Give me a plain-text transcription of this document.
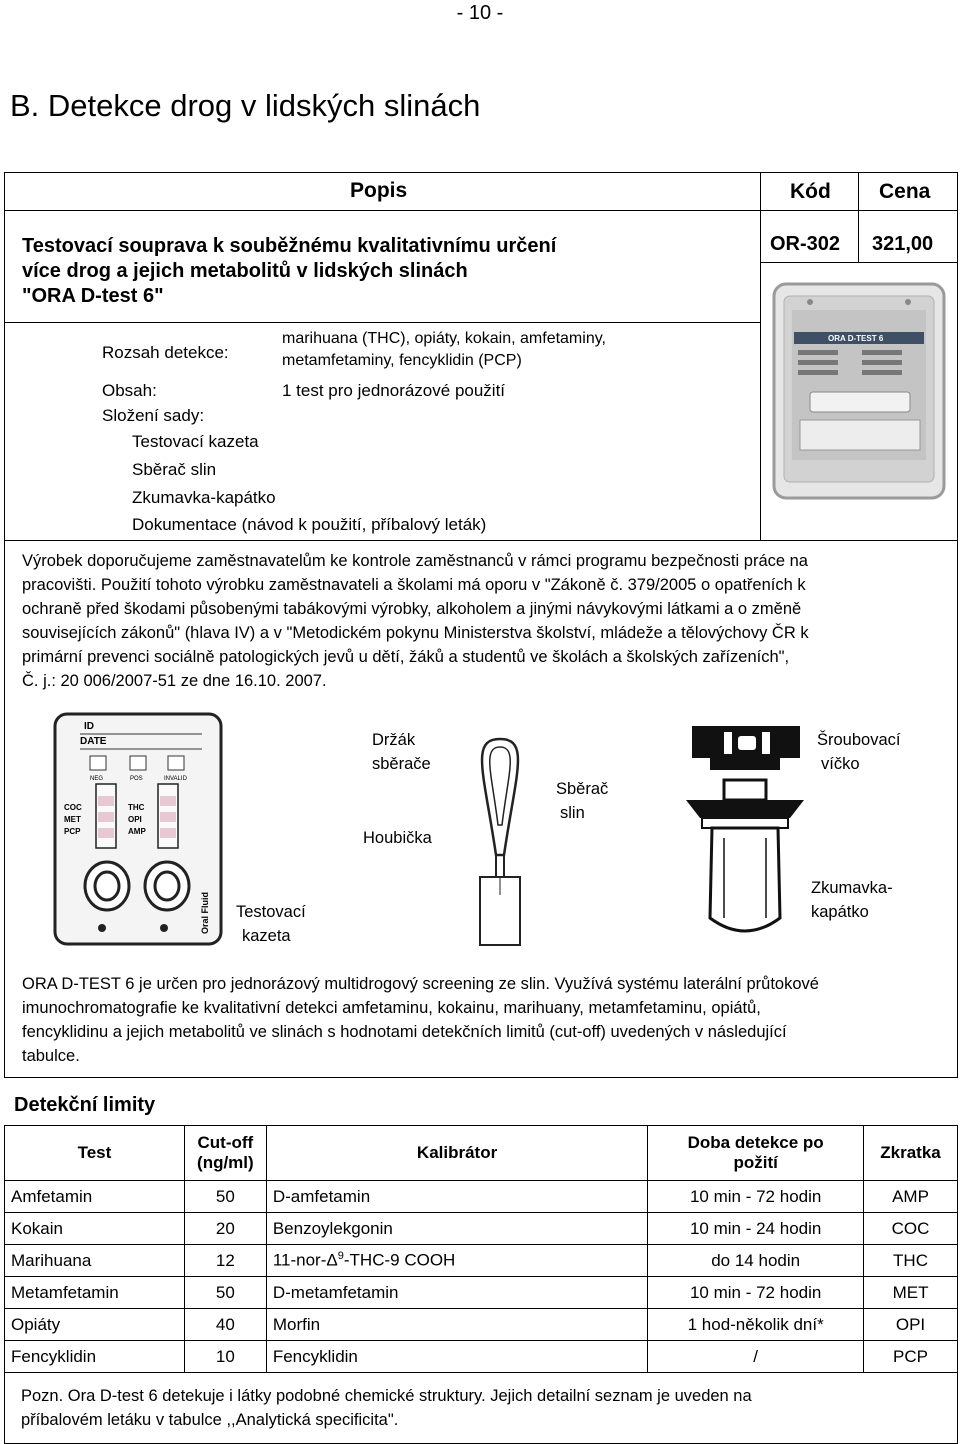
- 10 -
B. Detekce drog v lidských slinách
Popis	Kód Cena
Testovací souprava k souběžnému kvalitativnímu určení
více drog a jejich metabolitů v lidských slinách
"ORA D-test 6"
OR-302 321,00
Rozsah detekce:
marihuana (THC), opiáty, kokain, amfetaminy,
metamfetaminy, fencyklidin (PCP)
Obsah:	1 test pro jednorázové použití
Složení sady:
Testovací kazeta
Sběrač slin
Zkumavka-kapátko
Dokumentace (návod k použití, příbalový leták)
ORA D-TEST 6
Výrobek doporučujeme zaměstnavatelům ke kontrole zaměstnanců v rámci programu bezpečnosti práce na
pracovišti. Použití tohoto výrobku zaměstnavateli a školami má oporu v "Zákoně č. 379/2005 o opatřeních k
ochraně před škodami působenými tabákovými výrobky, alkoholem a jinými návykovými látkami a o změně
souvisejících zákonů" (hlava IV) a v "Metodickém pokynu Ministerstva školství, mládeže a tělovýchovy ČR k
primární prevenci sociálně patologických jevů u dětí, žáků a studentů ve školách a školských zařízeních",
Č. j.: 20 006/2007-51 ze dne 16.10. 2007.
ID
DATE
NEG	POS	INVALID
COC
MET
PCP
THC
OPI
AMP
Oral Fluid Testovací
kazeta
Držák
sběrače
Houbička
Sběrač
slin
Šroubovací
víčko
Zkumavka-
kapátko
ORA D-TEST 6 je určen pro jednorázový multidrogový screening ze slin. Využívá systému laterální průtokové
imunochromatografie ke kvalitativní detekci amfetaminu, kokainu, marihuany, metamfetaminu, opiátů,
fencyklidinu a jejich metabolitů ve slinách s hodnotami detekčních limitů (cut-off) uvedených v následující
tabulce.
Detekční limity
Test	Cut-off
(ng/ml)	Kalibrátor	Doba detekce po
požití	Zkratka
Amfetamin	50	D-amfetamin	10 min - 72 hodin	AMP
Kokain	20	Benzoylekgonin	10 min - 24 hodin	COC
Marihuana	12	$11-nor-\Delta^9-THC-9$ COOH	do 14 hodin	THC
Metamfetamin	50	D-metamfetamin	10 min - 72 hodin	MET
Opiáty	40	Morfin	1 hod-několik dní*	OPI
Fencyklidin	10	Fencyklidin	/	PCP

Pozn. Ora D-test 6 detekuje i látky podobné chemické struktury. Jejich detailní seznam je uveden na
příbalovém letáku v tabulce ,,Analytická specificita".				
